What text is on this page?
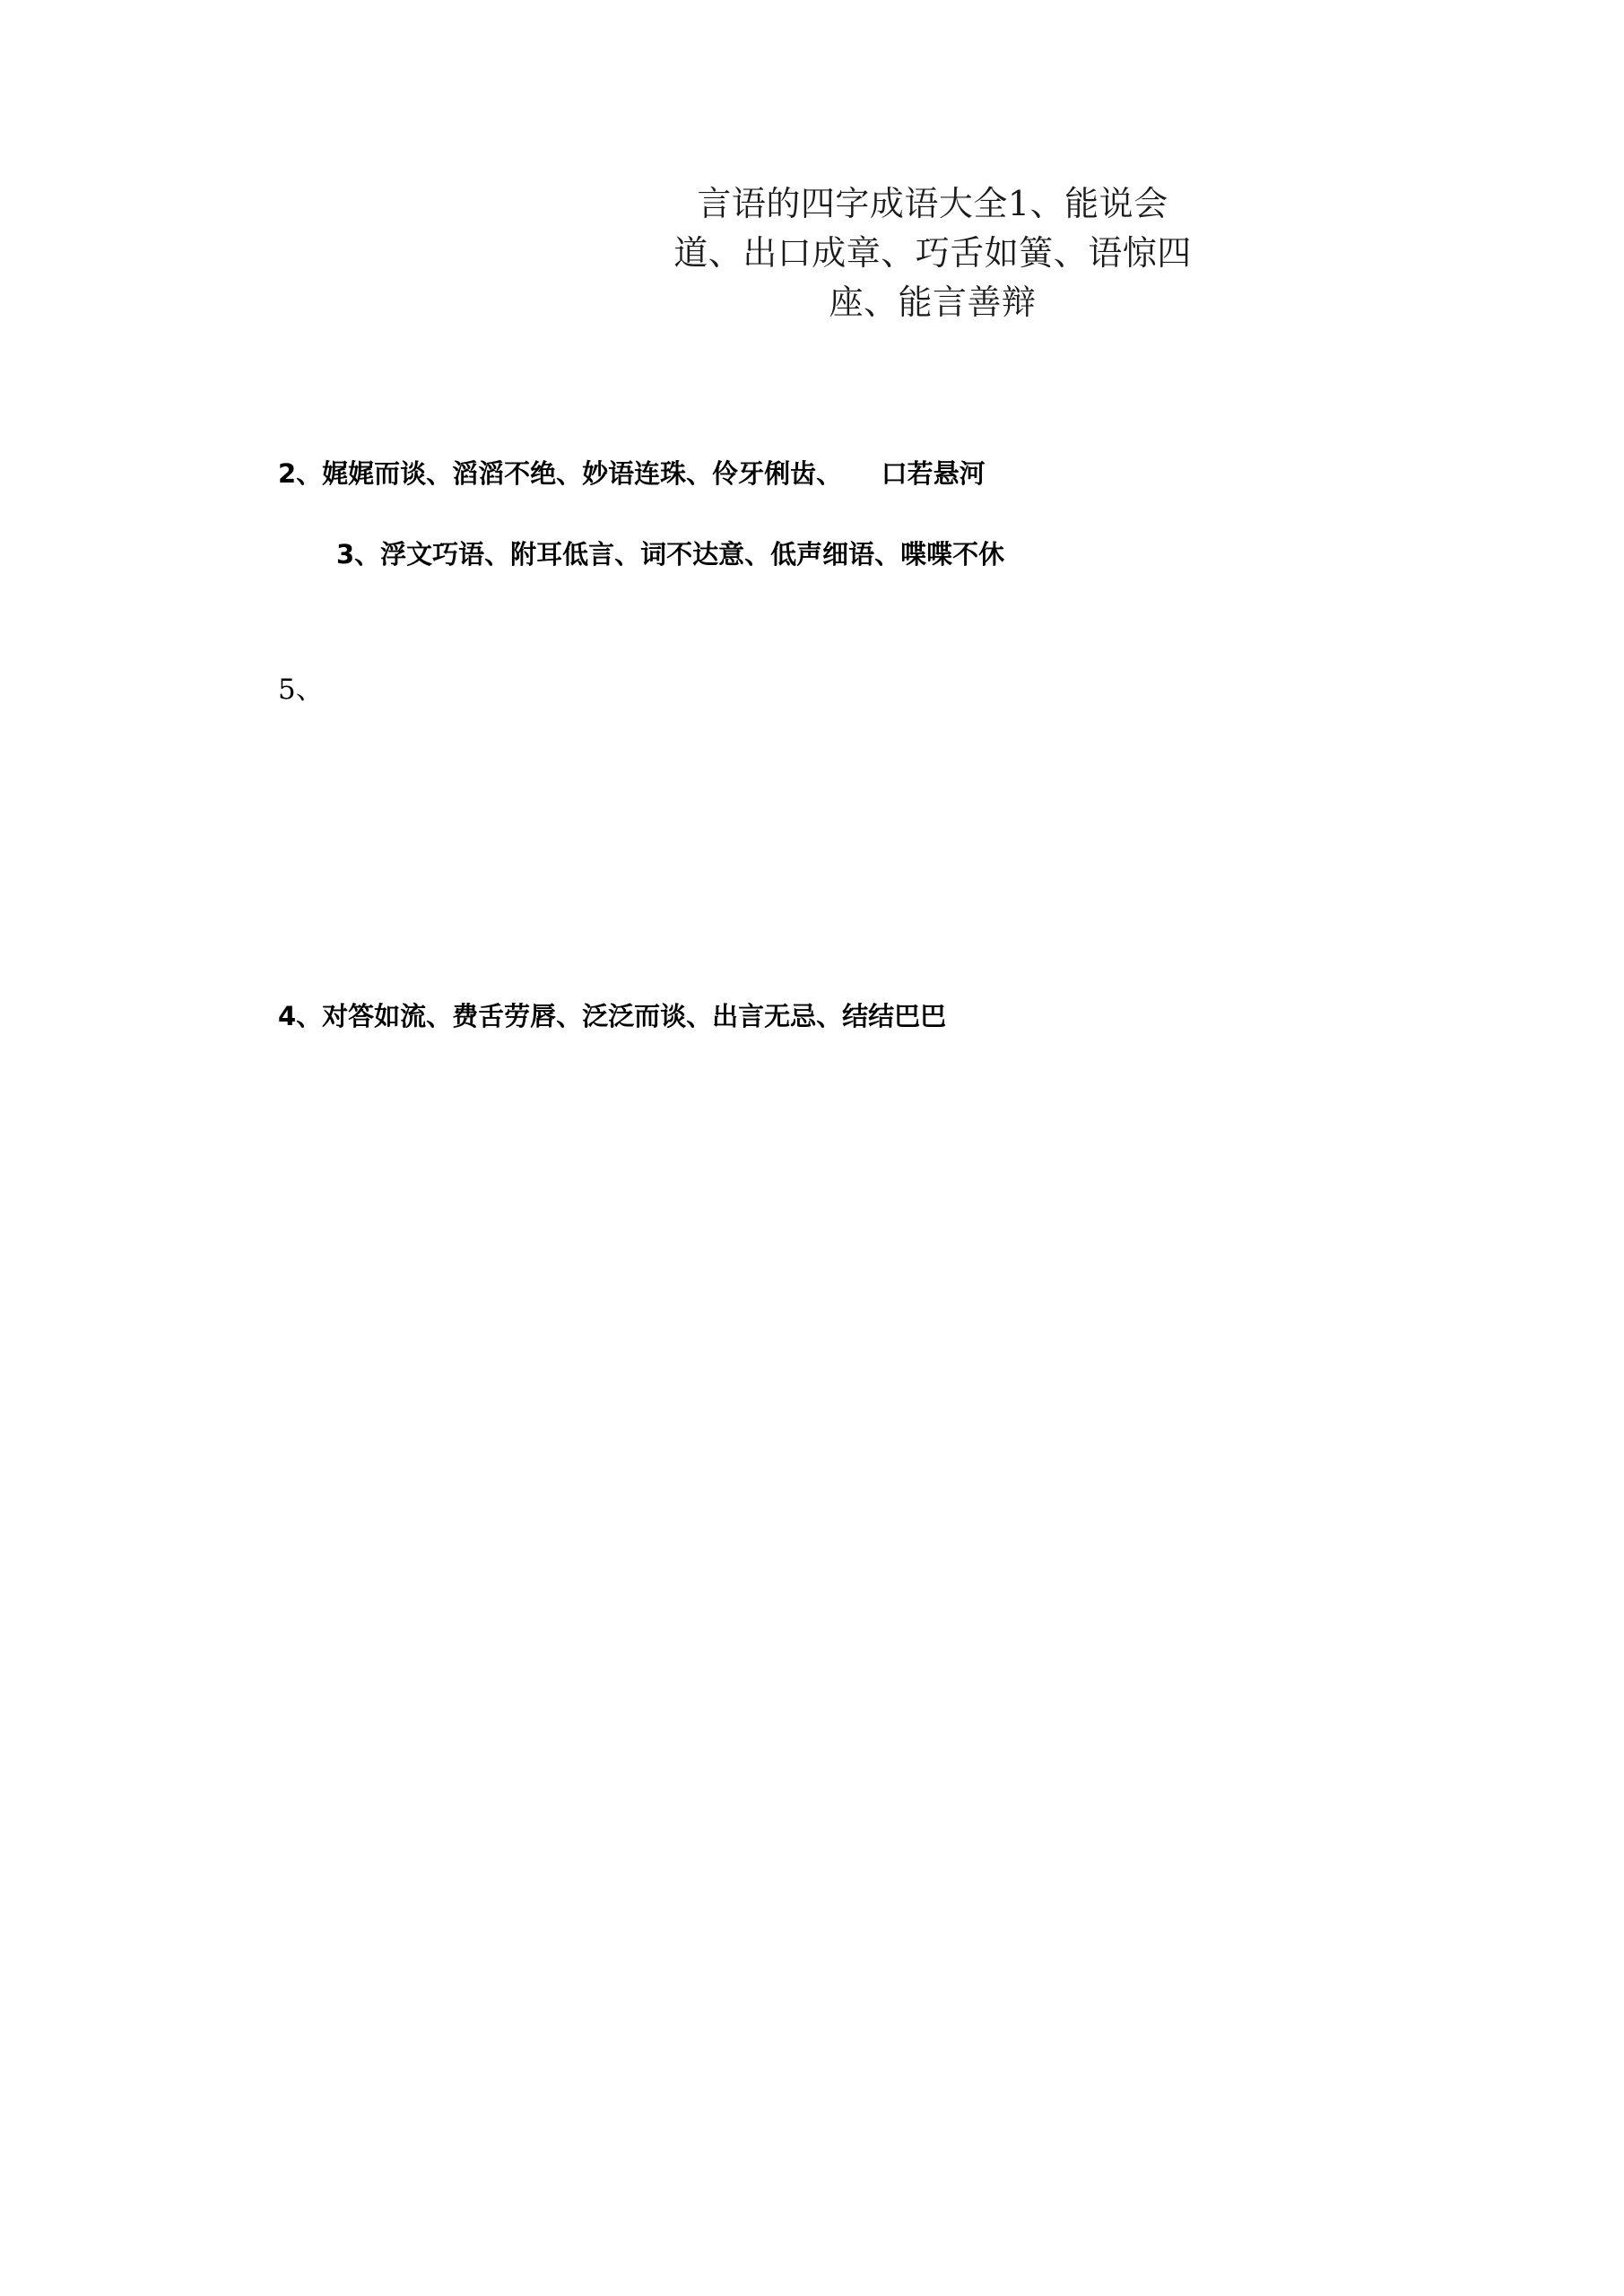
言语的四字成语大全1、能说会道、出口成章、巧舌如簧、语惊四座、能言善辩
2、娓娓而谈、滔滔不绝、妙语连珠、伶牙俐齿、　　口若悬河
3、浮文巧语、附耳低言、词不达意、低声细语、喋喋不休
5、
4、对答如流、费舌劳唇、泛泛而谈、出言无忌、结结巴巴
